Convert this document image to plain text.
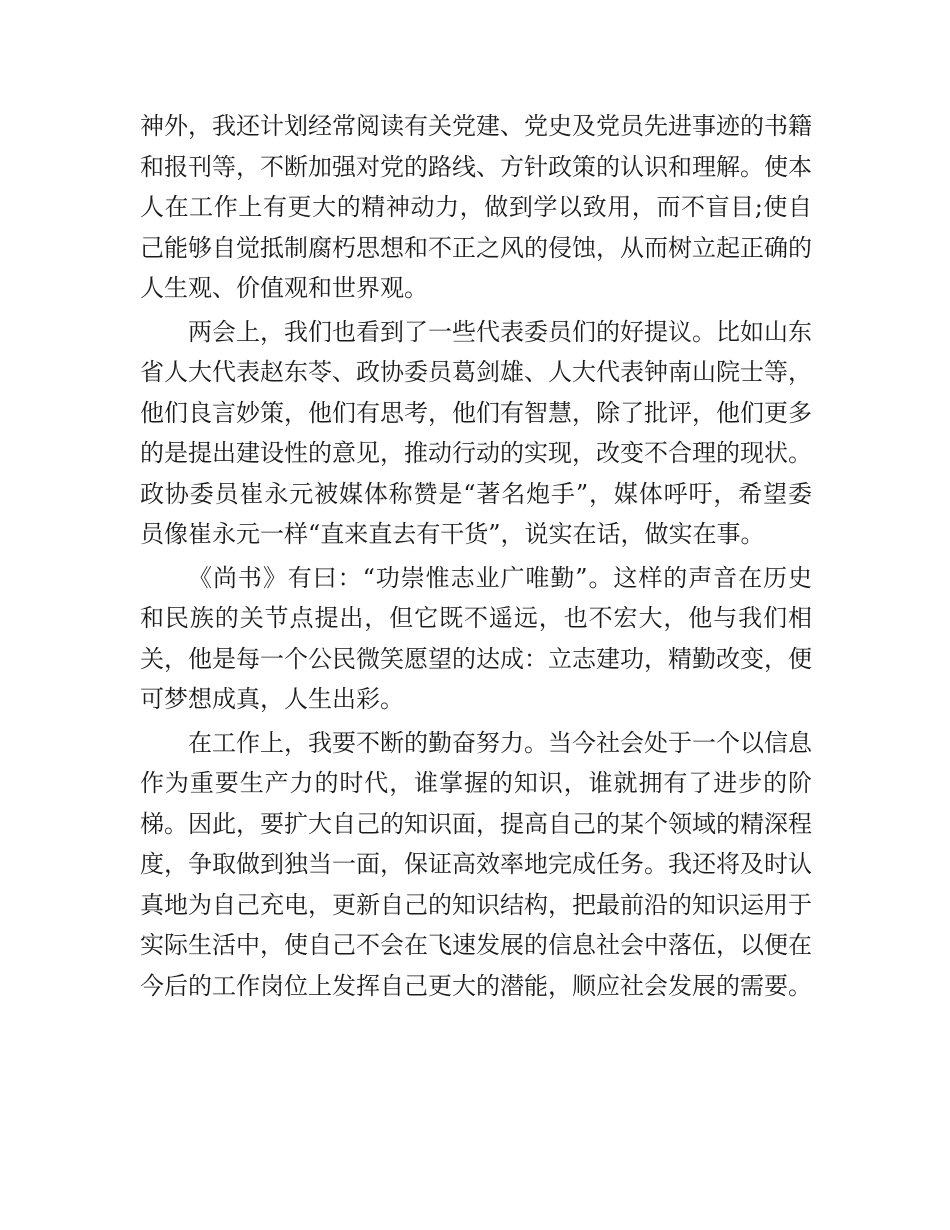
神外，我还计划经常阅读有关党建、党史及党员先进事迹的书籍和报刊等，不断加强对党的路线、方针政策的认识和理解。使本人在工作上有更大的精神动力，做到学以致用，而不盲目;使自己能够自觉抵制腐朽思想和不正之风的侵蚀，从而树立起正确的人生观、价值观和世界观。

两会上，我们也看到了一些代表委员们的好提议。比如山东省人大代表赵东苓、政协委员葛剑雄、人大代表钟南山院士等，他们良言妙策，他们有思考，他们有智慧，除了批评，他们更多的是提出建设性的意见，推动行动的实现，改变不合理的现状。政协委员崔永元被媒体称赞是“著名炮手”，媒体呼吁，希望委员像崔永元一样“直来直去有干货”，说实在话，做实在事。

《尚书》有曰：“功崇惟志业广唯勤”。这样的声音在历史和民族的关节点提出，但它既不遥远，也不宏大，他与我们相关，他是每一个公民微笑愿望的达成：立志建功，精勤改变，便可梦想成真，人生出彩。

在工作上，我要不断的勤奋努力。当今社会处于一个以信息作为重要生产力的时代，谁掌握的知识，谁就拥有了进步的阶梯。因此，要扩大自己的知识面，提高自己的某个领域的精深程度，争取做到独当一面，保证高效率地完成任务。我还将及时认真地为自己充电，更新自己的知识结构，把最前沿的知识运用于实际生活中，使自己不会在飞速发展的信息社会中落伍，以便在今后的工作岗位上发挥自己更大的潜能，顺应社会发展的需要。
